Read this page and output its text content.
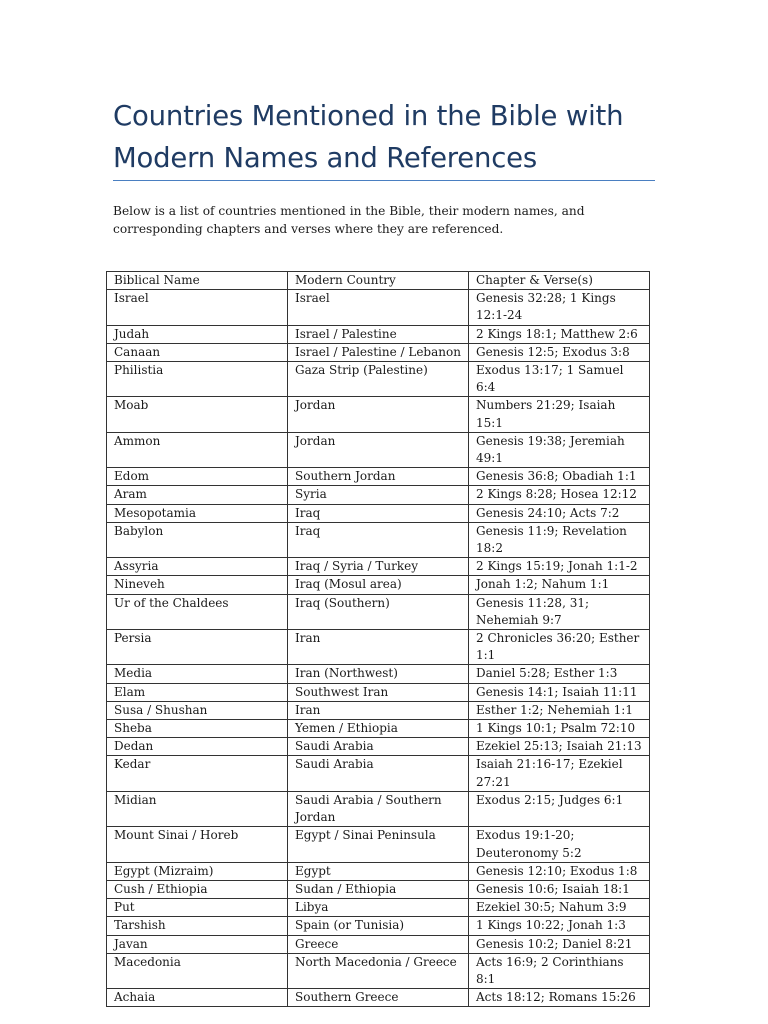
Countries Mentioned in the Bible with Modern Names and References

Below is a list of countries mentioned in the Bible, their modern names, and corresponding chapters and verses where they are referenced.

Biblical Name	Modern Country	Chapter & Verse(s)
Israel	Israel	Genesis 32:28; 1 Kings 12:1-24
Judah	Israel / Palestine	2 Kings 18:1; Matthew 2:6
Canaan	Israel / Palestine / Lebanon	Genesis 12:5; Exodus 3:8
Philistia	Gaza Strip (Palestine)	Exodus 13:17; 1 Samuel 6:4
Moab	Jordan	Numbers 21:29; Isaiah 15:1
Ammon	Jordan	Genesis 19:38; Jeremiah 49:1
Edom	Southern Jordan	Genesis 36:8; Obadiah 1:1
Aram	Syria	2 Kings 8:28; Hosea 12:12
Mesopotamia	Iraq	Genesis 24:10; Acts 7:2
Babylon	Iraq	Genesis 11:9; Revelation 18:2
Assyria	Iraq / Syria / Turkey	2 Kings 15:19; Jonah 1:1-2
Nineveh	Iraq (Mosul area)	Jonah 1:2; Nahum 1:1
Ur of the Chaldees	Iraq (Southern)	Genesis 11:28, 31; Nehemiah 9:7
Persia	Iran	2 Chronicles 36:20; Esther 1:1
Media	Iran (Northwest)	Daniel 5:28; Esther 1:3
Elam	Southwest Iran	Genesis 14:1; Isaiah 11:11
Susa / Shushan	Iran	Esther 1:2; Nehemiah 1:1
Sheba	Yemen / Ethiopia	1 Kings 10:1; Psalm 72:10
Dedan	Saudi Arabia	Ezekiel 25:13; Isaiah 21:13
Kedar	Saudi Arabia	Isaiah 21:16-17; Ezekiel 27:21
Midian	Saudi Arabia / Southern Jordan	Exodus 2:15; Judges 6:1
Mount Sinai / Horeb	Egypt / Sinai Peninsula	Exodus 19:1-20; Deuteronomy 5:2
Egypt (Mizraim)	Egypt	Genesis 12:10; Exodus 1:8
Cush / Ethiopia	Sudan / Ethiopia	Genesis 10:6; Isaiah 18:1
Put	Libya	Ezekiel 30:5; Nahum 3:9
Tarshish	Spain (or Tunisia)	1 Kings 10:22; Jonah 1:3
Javan	Greece	Genesis 10:2; Daniel 8:21
Macedonia	North Macedonia / Greece	Acts 16:9; 2 Corinthians 8:1
Achaia	Southern Greece	Acts 18:12; Romans 15:26
